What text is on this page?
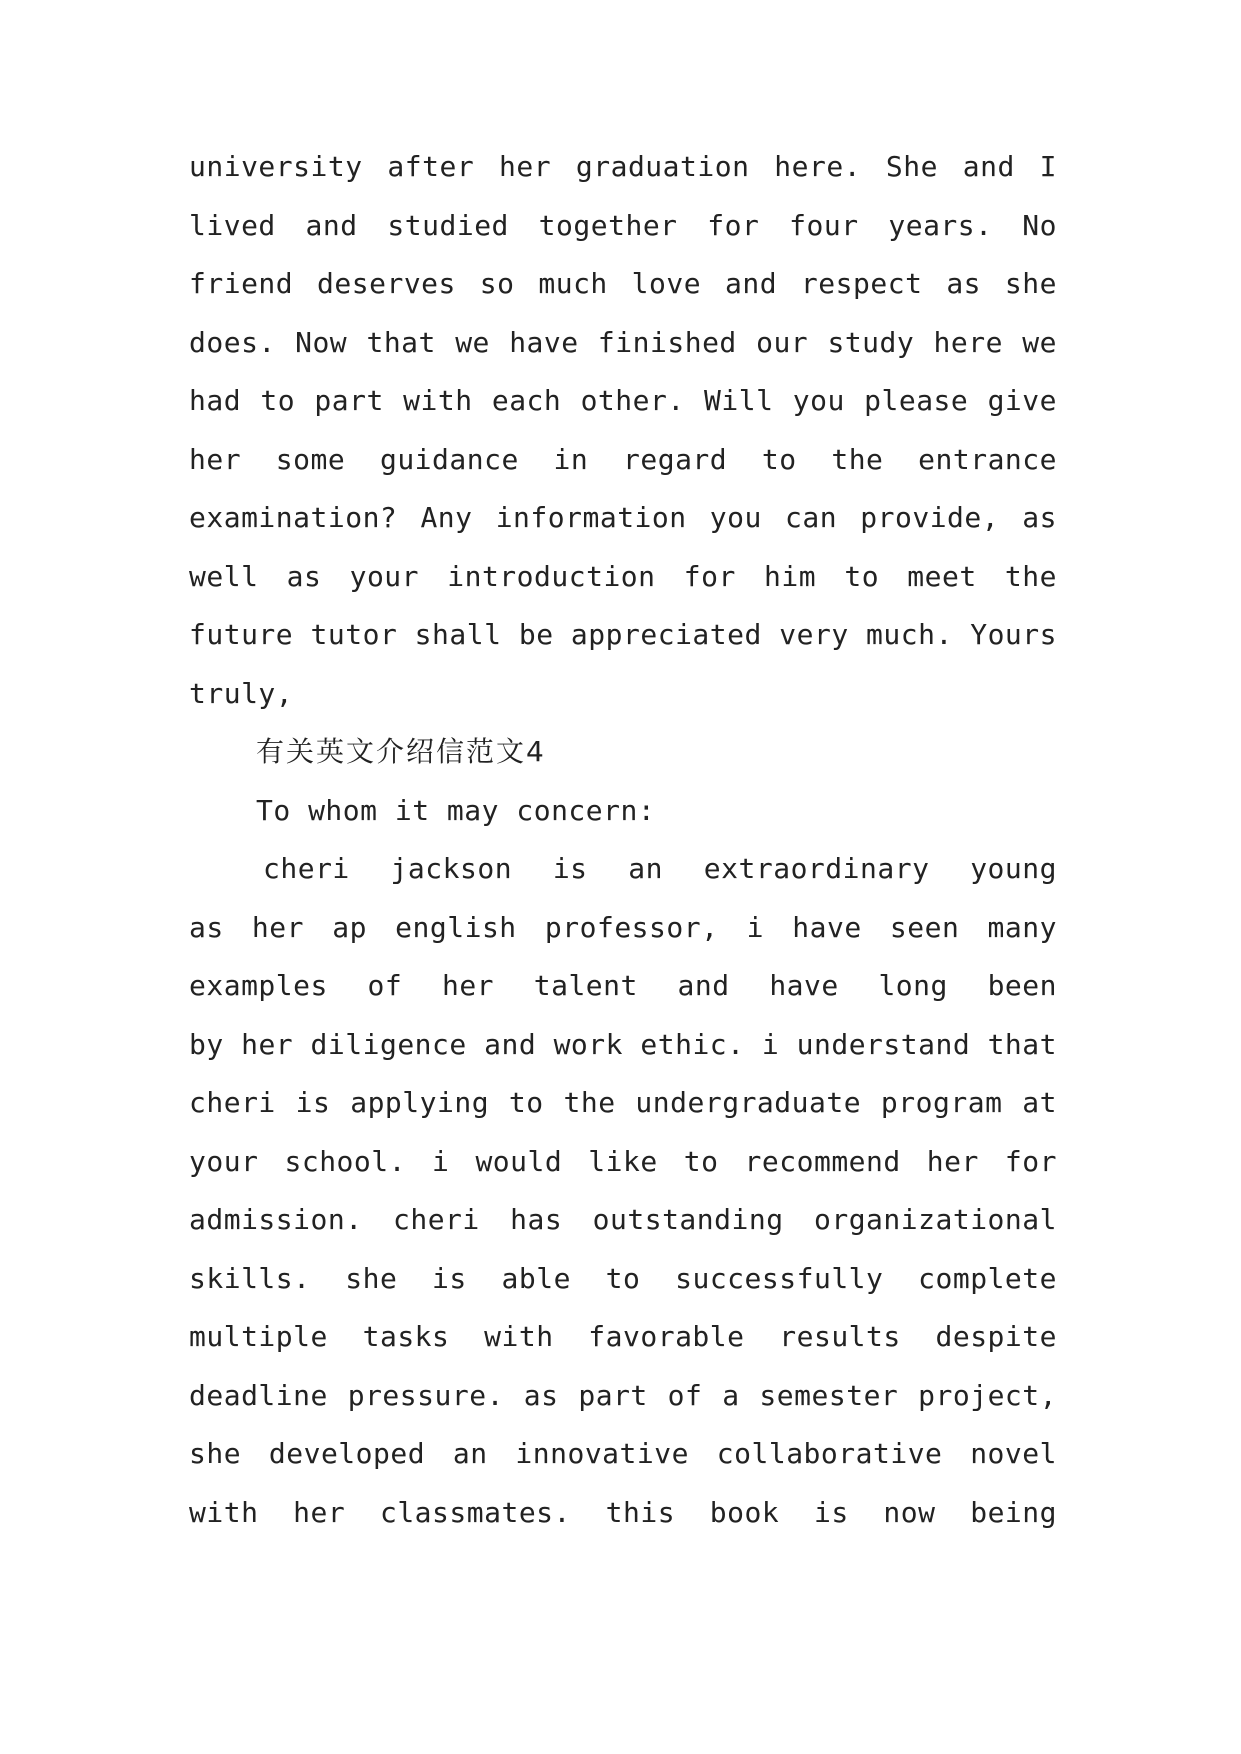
university after her graduation here. She and I
lived and studied together for four years. No
friend deserves so much love and respect as she
does. Now that we have finished our study here we
had to part with each other. Will you please give
her some guidance in regard to the entrance
examination? Any information you can provide, as
well as your introduction for him to meet the
future tutor shall be appreciated very much. Yours
truly,
有关英文介绍信范文4
To whom it may concern:
cheri jackson is an extraordinary young
as her ap english professor, i have seen many
examples of her talent and have long been
by her diligence and work ethic. i understand that
cheri is applying to the undergraduate program at
your school. i would like to recommend her for
admission. cheri has outstanding organizational
skills. she is able to successfully complete
multiple tasks with favorable results despite
deadline pressure. as part of a semester project,
she developed an innovative collaborative novel
with her classmates. this book is now being
